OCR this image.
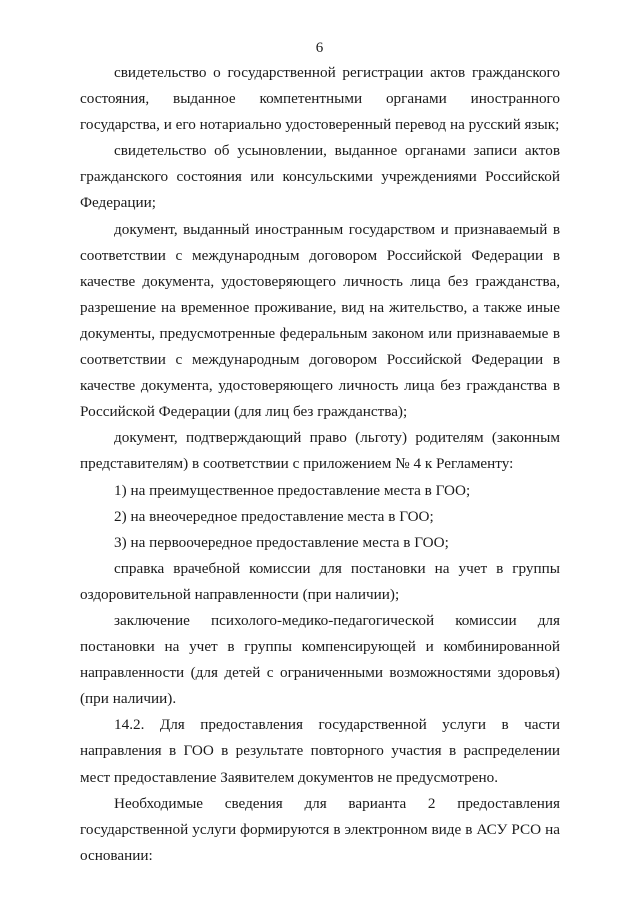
6

свидетельство о государственной регистрации актов гражданского состояния, выданное компетентными органами иностранного государства, и его нотариально удостоверенный перевод на русский язык;

свидетельство об усыновлении, выданное органами записи актов гражданского состояния или консульскими учреждениями Российской Федерации;

документ, выданный иностранным государством и признаваемый в соответствии с международным договором Российской Федерации в качестве документа, удостоверяющего личность лица без гражданства, разрешение на временное проживание, вид на жительство, а также иные документы, предусмотренные федеральным законом или признаваемые в соответствии с международным договором Российской Федерации в качестве документа, удостоверяющего личность лица без гражданства в Российской Федерации (для лиц без гражданства);

документ, подтверждающий право (льготу) родителям (законным представителям) в соответствии с приложением № 4 к Регламенту:

1) на преимущественное предоставление места в ГОО;

2) на внеочередное предоставление места в ГОО;

3) на первоочередное предоставление места в ГОО;

справка врачебной комиссии для постановки на учет в группы оздоровительной направленности (при наличии);

заключение психолого-медико-педагогической комиссии для постановки на учет в группы компенсирующей и комбинированной направленности (для детей с ограниченными возможностями здоровья) (при наличии).

14.2. Для предоставления государственной услуги в части направления в ГОО в результате повторного участия в распределении мест предоставление Заявителем документов не предусмотрено.

Необходимые сведения для варианта 2 предоставления государственной услуги формируются в электронном виде в АСУ РСО на основании:
